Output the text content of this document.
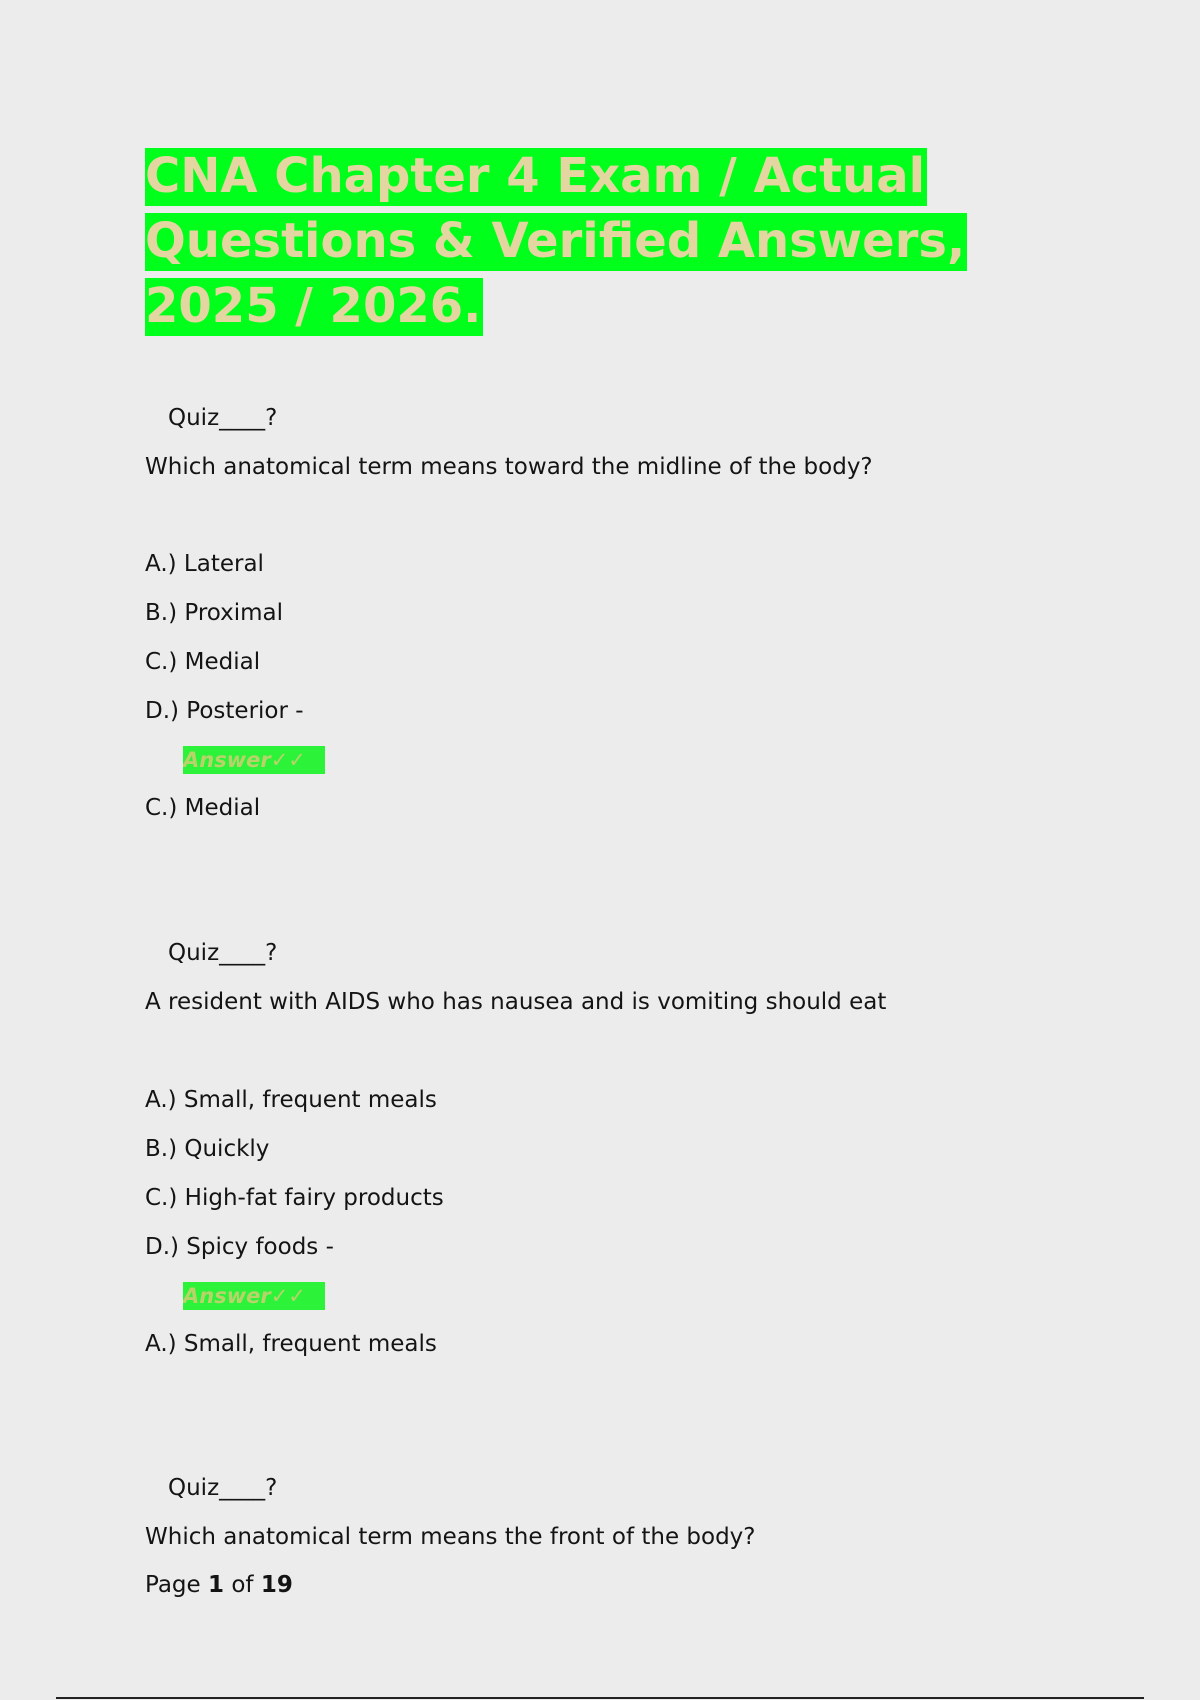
CNA Chapter 4 Exam / Actual
Questions & Verified Answers,
2025 / 2026.
Quiz____?
Which anatomical term means toward the midline of the body?
A.) Lateral
B.) Proximal
C.) Medial
D.) Posterior -
Answer✓✓
C.) Medial
Quiz____?
A resident with AIDS who has nausea and is vomiting should eat
A.) Small, frequent meals
B.) Quickly
C.) High-fat fairy products
D.) Spicy foods -
Answer✓✓
A.) Small, frequent meals
Quiz____?
Which anatomical term means the front of the body?
Page 1 of 19
